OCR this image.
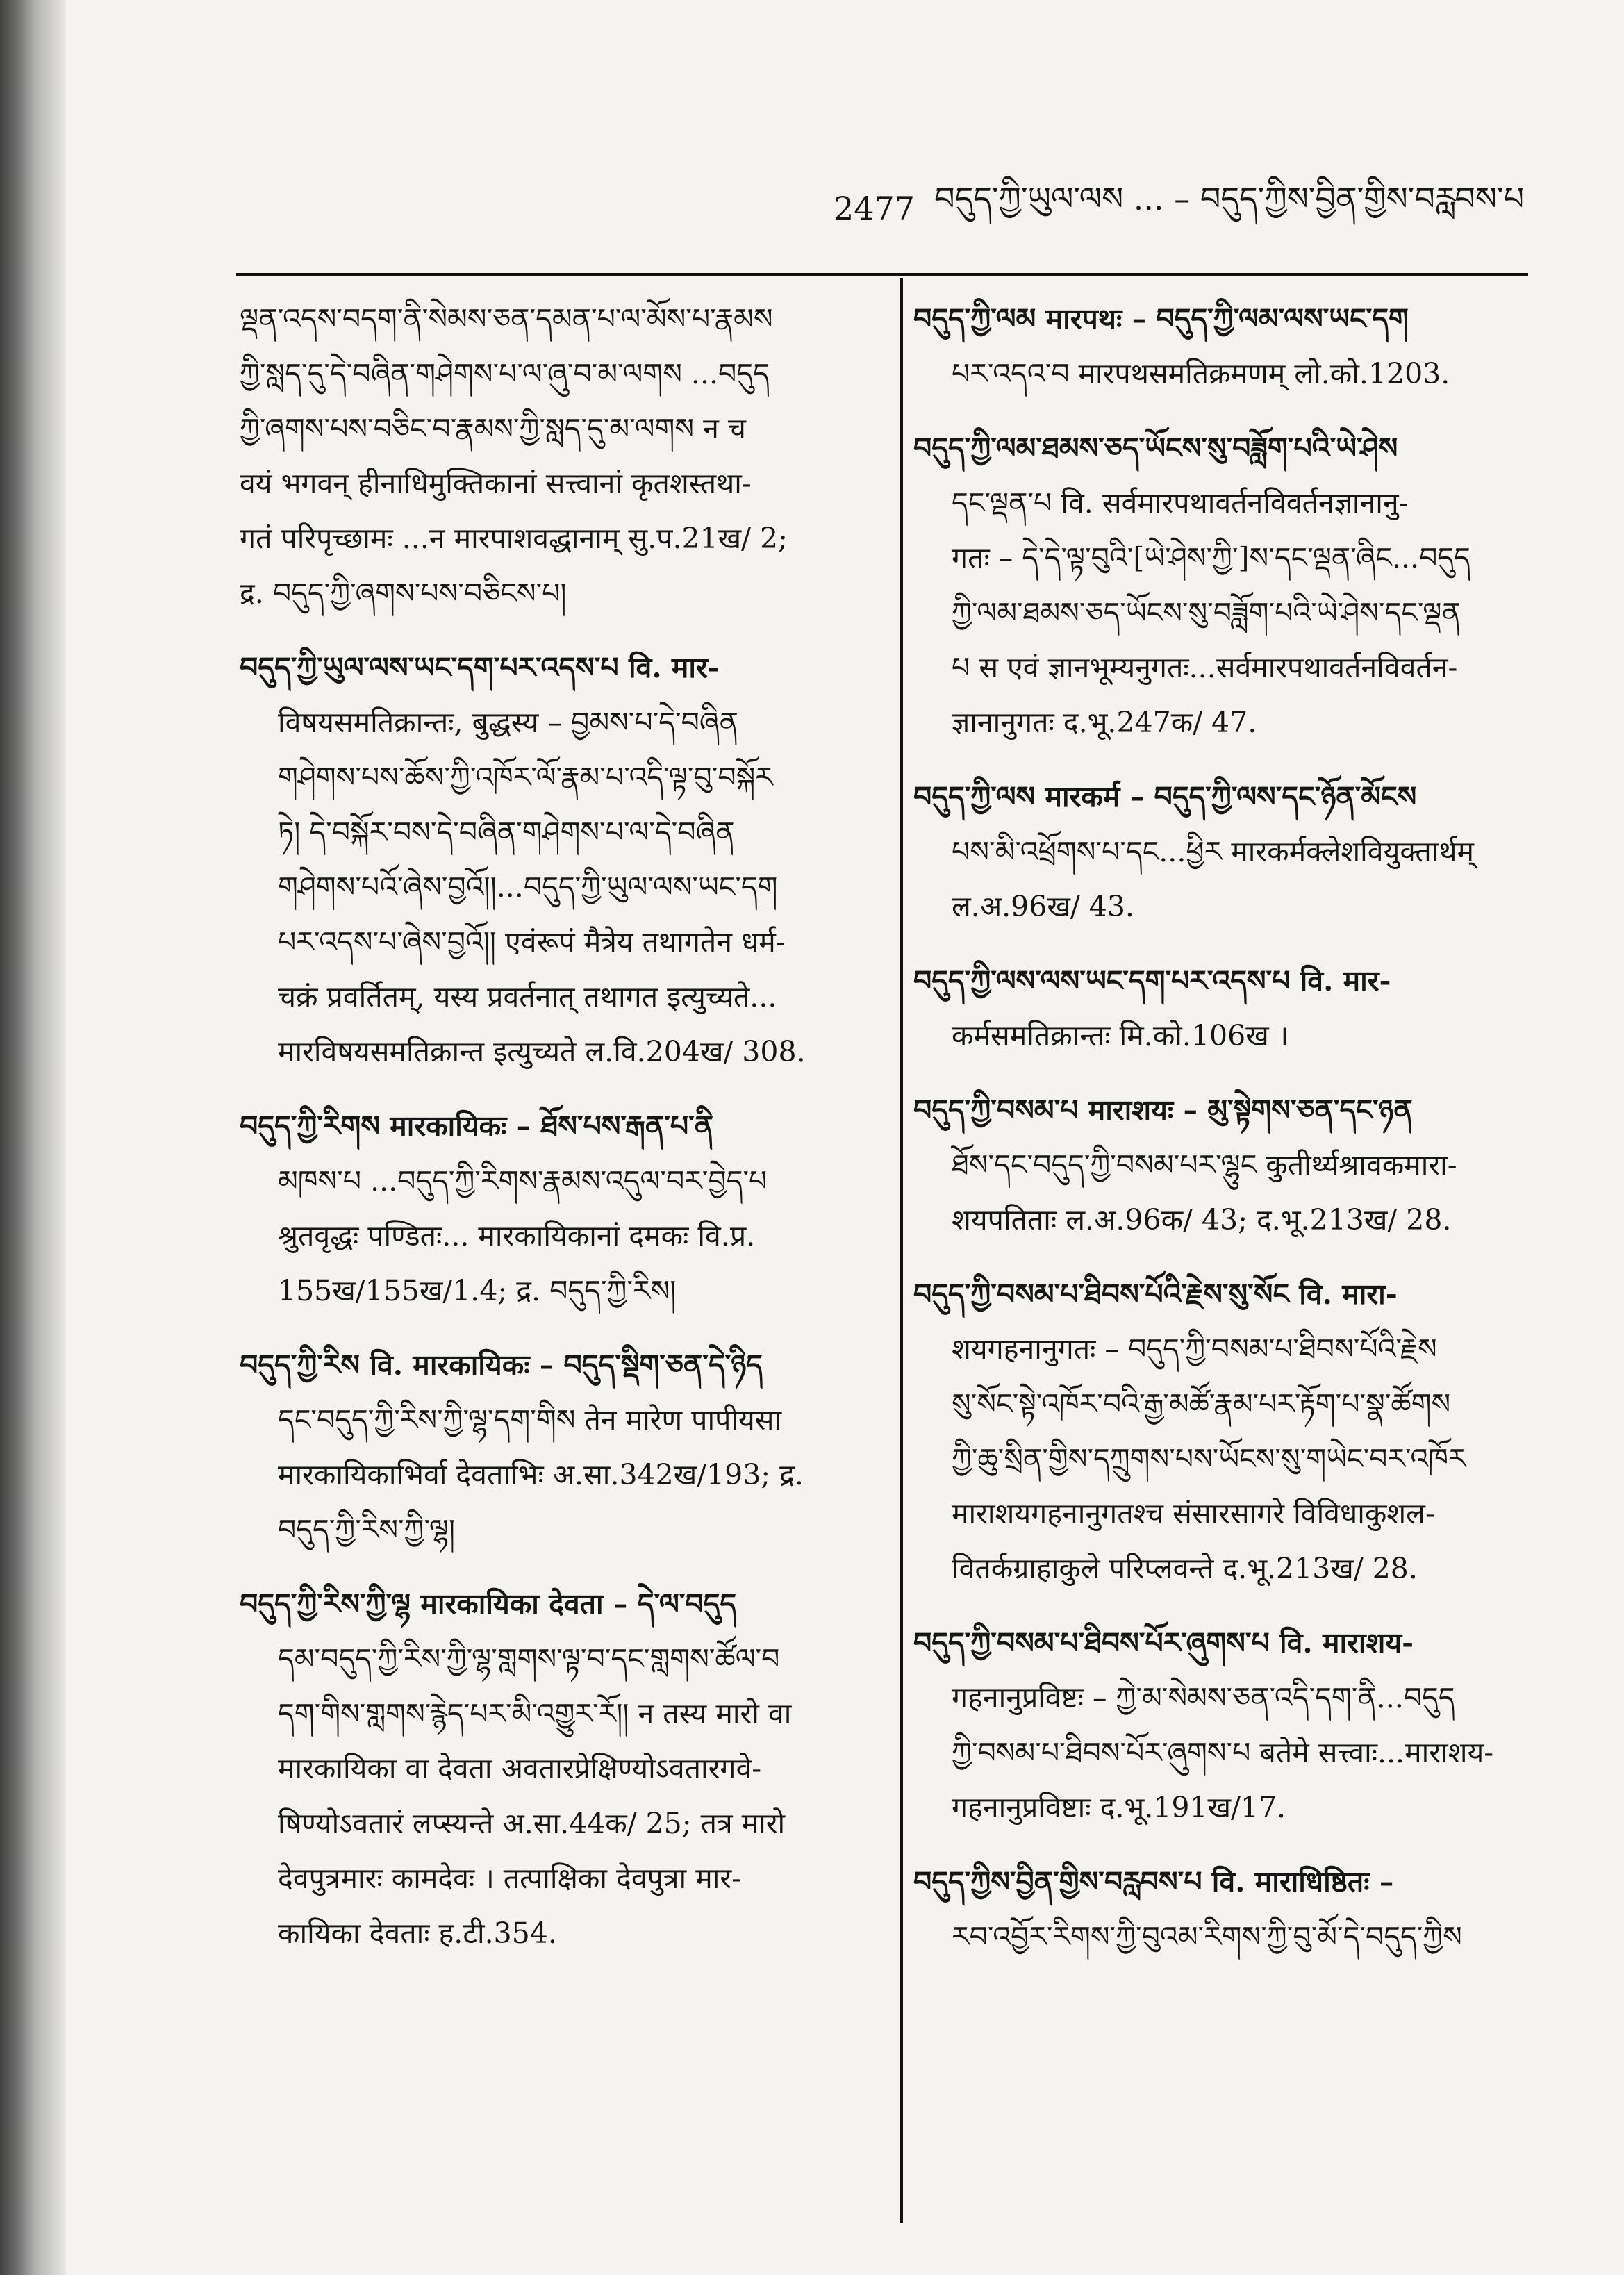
2477 བདུད་ཀྱི་ཡུལ་ལས ... – བདུད་ཀྱིས་བྱིན་གྱིས་བརླབས་པ
ལྡན་འདས་བདག་ནི་སེམས་ཅན་དམན་པ་ལ་མོས་པ་རྣམས
ཀྱི་སླད་དུ་དེ་བཞིན་གཤེགས་པ་ལ་ཞུ་བ་མ་ལགས ...བདུད
ཀྱི་ཞགས་པས་བཅིང་བ་རྣམས་ཀྱི་སླད་དུ་མ་ལགས न च
वयं भगवन् हीनाधिमुक्तिकानां सत्त्वानां कृतशस्तथा-
गतं परिपृच्छामः ...न मारपाशवद्धानाम् सु.प.21ख/ 2;
द्र. བདུད་ཀྱི་ཞགས་པས་བཅིངས་པ།
བདུད་ཀྱི་ཡུལ་ལས་ཡང་དག་པར་འདས་པ वि. मार-
विषयसमतिक्रान्तः, बुद्धस्य – བྱམས་པ་དེ་བཞིན
གཤེགས་པས་ཆོས་ཀྱི་འཁོར་ལོ་རྣམ་པ་འདི་ལྟ་བུ་བསྐོར
ཏེ། དེ་བསྐོར་བས་དེ་བཞིན་གཤེགས་པ་ལ་དེ་བཞིན
གཤེགས་པའོ་ཞེས་བྱའོ།།...བདུད་ཀྱི་ཡུལ་ལས་ཡང་དག
པར་འདས་པ་ཞེས་བྱའོ།། एवंरूपं मैत्रेय तथागतेन धर्म-
चक्रं प्रवर्तितम्, यस्य प्रवर्तनात् तथागत इत्युच्यते...
मारविषयसमतिक्रान्त इत्युच्यते ल.वि.204ख/ 308.
བདུད་ཀྱི་རིགས मारकायिकः – ཐོས་པས་རྒན་པ་ནི
མཁས་པ ...བདུད་ཀྱི་རིགས་རྣམས་འདུལ་བར་བྱེད་པ
श्रुतवृद्धः पण्डितः... मारकायिकानां दमकः वि.प्र.
155ख/155ख/1.4; द्र. བདུད་ཀྱི་རིས།
བདུད་ཀྱི་རིས वि. मारकायिकः – བདུད་སྡིག་ཅན་དེ་ཉིད
དང་བདུད་ཀྱི་རིས་ཀྱི་ལྷ་དག་གིས तेन मारेण पापीयसा
मारकायिकाभिर्वा देवताभिः अ.सा.342ख/193; द्र.
བདུད་ཀྱི་རིས་ཀྱི་ལྷ།
བདུད་ཀྱི་རིས་ཀྱི་ལྷ मारकायिका देवता – དེ་ལ་བདུད
དམ་བདུད་ཀྱི་རིས་ཀྱི་ལྷ་གླགས་ལྟ་བ་དང་གླགས་ཚོལ་བ
དག་གིས་གླགས་རྙེད་པར་མི་འགྱུར་རོ།། न तस्य मारो वा
मारकायिका वा देवता अवतारप्रेक्षिण्योऽवतारगवे-
षिण्योऽवतारं लप्स्यन्ते अ.सा.44क/ 25; तत्र मारो
देवपुत्रमारः कामदेवः । तत्पाक्षिका देवपुत्रा मार-
कायिका देवताः ह.टी.354.
བདུད་ཀྱི་ལམ मारपथः – བདུད་ཀྱི་ལམ་ལས་ཡང་དག
པར་འདའ་བ मारपथसमतिक्रमणम् लो.को.1203.
བདུད་ཀྱི་ལམ་ཐམས་ཅད་ཡོངས་སུ་བཟློག་པའི་ཡེ་ཤེས
དང་ལྡན་པ वि. सर्वमारपथावर्तनविवर्तनज्ञानानु-
गतः – དེ་དེ་ལྟ་བུའི་[ཡེ་ཤེས་ཀྱི་]ས་དང་ལྡན་ཞིང...བདུད
ཀྱི་ལམ་ཐམས་ཅད་ཡོངས་སུ་བཟློག་པའི་ཡེ་ཤེས་དང་ལྡན
པ स एवं ज्ञानभूम्यनुगतः...सर्वमारपथावर्तनविवर्तन-
ज्ञानानुगतः द.भू.247क/ 47.
བདུད་ཀྱི་ལས मारकर्म – བདུད་ཀྱི་ལས་དང་ཉོན་མོངས
པས་མི་འཕྲོགས་པ་དང...ཕྱིར मारकर्मक्लेशवियुक्तार्थम्
ल.अ.96ख/ 43.
བདུད་ཀྱི་ལས་ལས་ཡང་དག་པར་འདས་པ वि. मार-
कर्मसमतिक्रान्तः मि.को.106ख ।
བདུད་ཀྱི་བསམ་པ माराशयः – མུ་སྟེགས་ཅན་དང་ཉན
ཐོས་དང་བདུད་ཀྱི་བསམ་པར་ལྷུང कुतीर्थ्यश्रावकमारा-
शयपतिताः ल.अ.96क/ 43; द.भू.213ख/ 28.
བདུད་ཀྱི་བསམ་པ་ཐིབས་པོའི་རྗེས་སུ་སོང वि. मारा-
शयगहनानुगतः – བདུད་ཀྱི་བསམ་པ་ཐིབས་པོའི་རྗེས
སུ་སོང་སྟེ་འཁོར་བའི་རྒྱ་མཚོ་རྣམ་པར་རྟོག་པ་སྣ་ཚོགས
ཀྱི་ཆུ་སྲིན་གྱིས་དཀྲུགས་པས་ཡོངས་སུ་གཡེང་བར་འཁོར
माराशयगहनानुगतश्च संसारसागरे विविधाकुशल-
वितर्कग्राहाकुले परिप्लवन्ते द.भू.213ख/ 28.
བདུད་ཀྱི་བསམ་པ་ཐིབས་པོར་ཞུགས་པ वि. माराशय-
गहनानुप्रविष्टः – ཀྱེ་མ་སེམས་ཅན་འདི་དག་ནི...བདུད
ཀྱི་བསམ་པ་ཐིབས་པོར་ཞུགས་པ बतेमे सत्त्वाः...माराशय-
गहनानुप्रविष्टाः द.भू.191ख/17.
བདུད་ཀྱིས་བྱིན་གྱིས་བརླབས་པ वि. माराधिष्ठितः –
རབ་འབྱོར་རིགས་ཀྱི་བུའམ་རིགས་ཀྱི་བུ་མོ་དེ་བདུད་ཀྱིས
